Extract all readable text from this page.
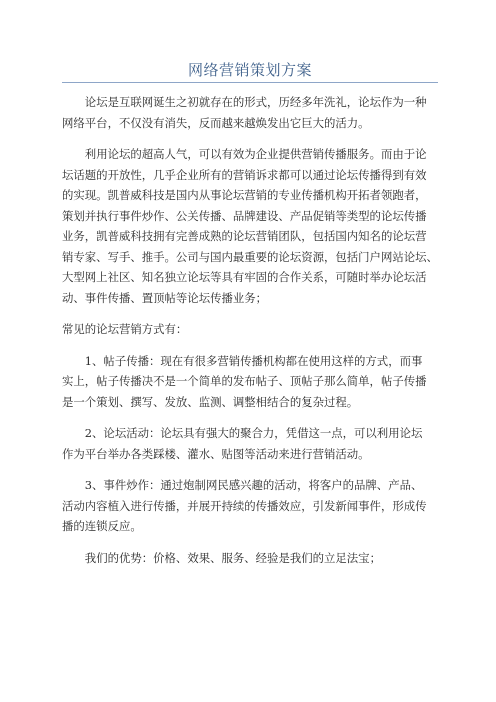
网络营销策划方案

论坛是互联网诞生之初就存在的形式，历经多年洗礼，论坛作为一种
网络平台，不仅没有消失，反而越来越焕发出它巨大的活力。

利用论坛的超高人气，可以有效为企业提供营销传播服务。而由于论
坛话题的开放性，几乎企业所有的营销诉求都可以通过论坛传播得到有效
的实现。凯普威科技是国内从事论坛营销的专业传播机构开拓者领跑者，
策划并执行事件炒作、公关传播、品牌建设、产品促销等类型的论坛传播
业务，凯普威科技拥有完善成熟的论坛营销团队，包括国内知名的论坛营
销专家、写手、推手。公司与国内最重要的论坛资源，包括门户网站论坛、
大型网上社区、知名独立论坛等具有牢固的合作关系，可随时举办论坛活
动、事件传播、置顶帖等论坛传播业务；

常见的论坛营销方式有：

1、帖子传播：现在有很多营销传播机构都在使用这样的方式，而事
实上，帖子传播决不是一个简单的发布帖子、顶帖子那么简单，帖子传播
是一个策划、撰写、发放、监测、调整相结合的复杂过程。

2、论坛活动：论坛具有强大的聚合力，凭借这一点，可以利用论坛
作为平台举办各类踩楼、灌水、贴图等活动来进行营销活动。

3、事件炒作：通过炮制网民感兴趣的活动，将客户的品牌、产品、
活动内容植入进行传播，并展开持续的传播效应，引发新闻事件，形成传
播的连锁反应。

我们的优势：价格、效果、服务、经验是我们的立足法宝；
